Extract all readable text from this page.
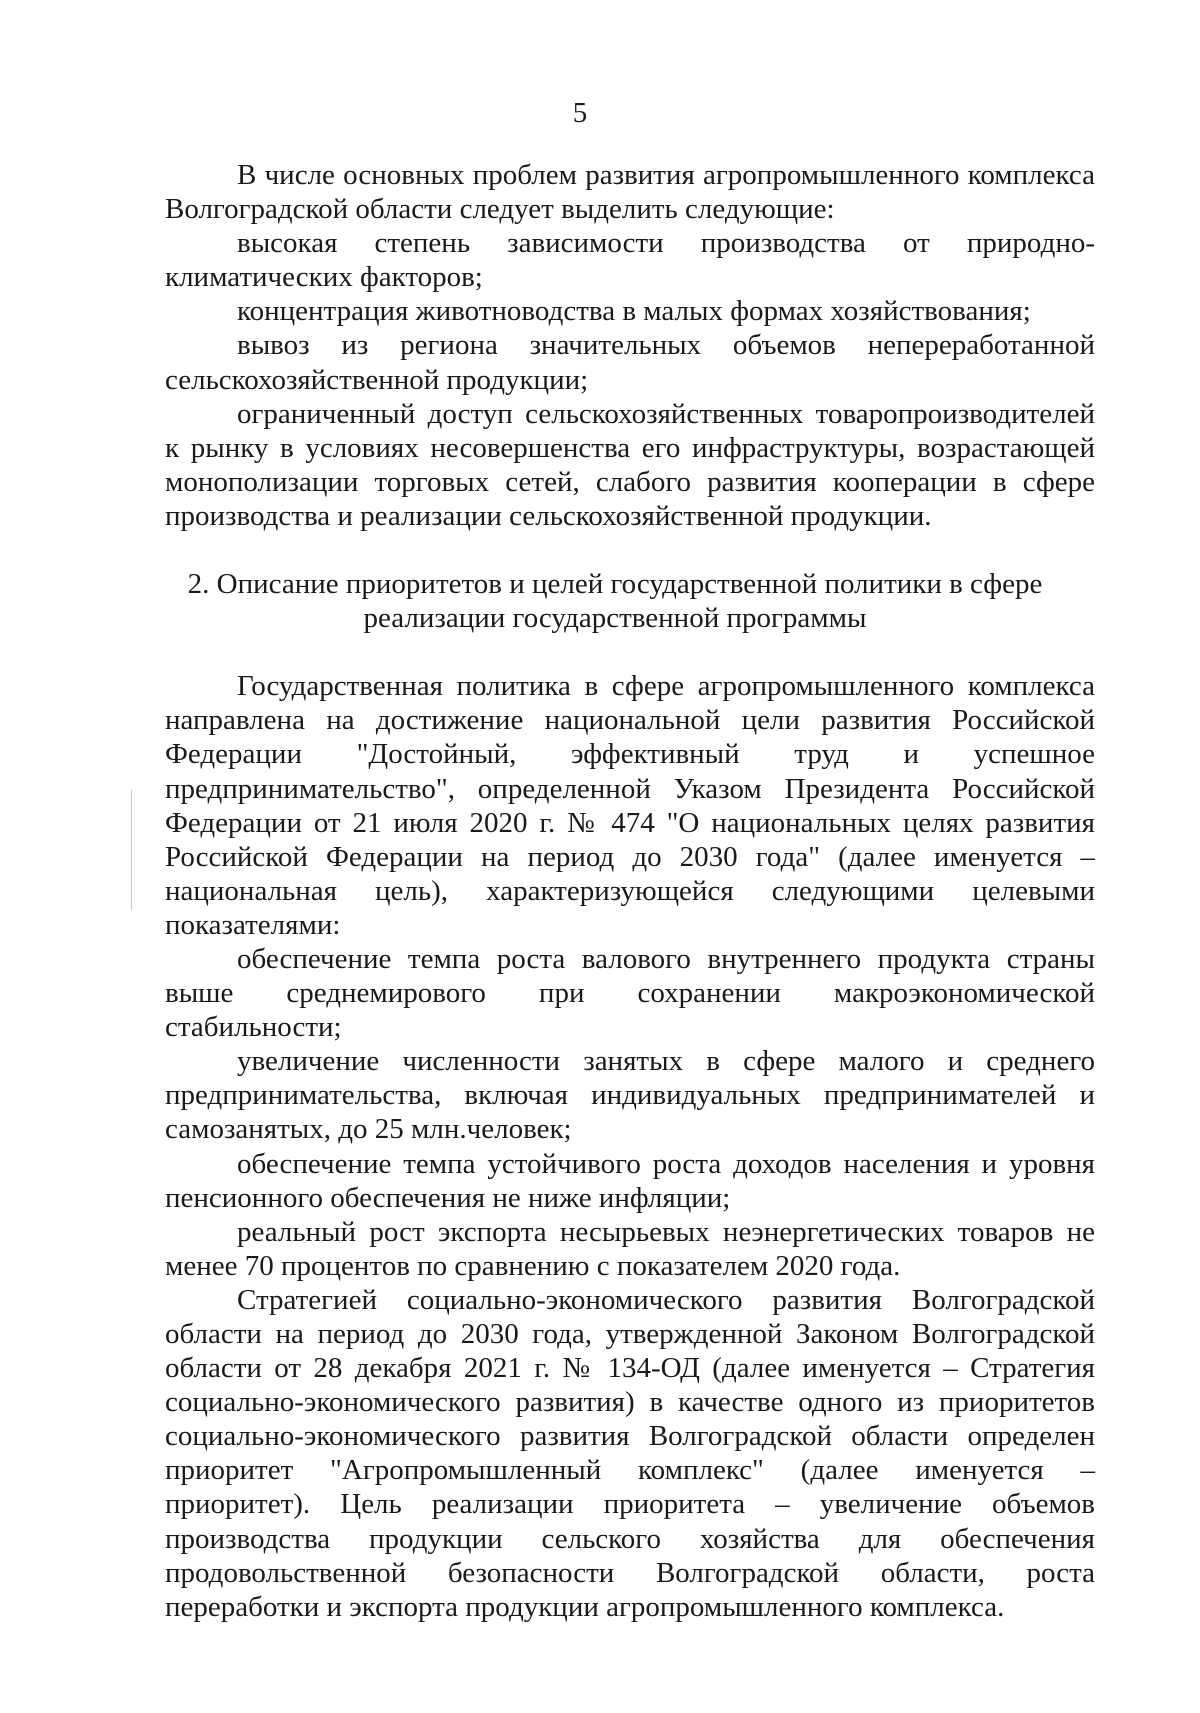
5

В числе основных проблем развития агропромышленного комплекса Волгоградской области следует выделить следующие:

высокая степень зависимости производства от природно-климатических факторов;

концентрация животноводства в малых формах хозяйствования;

вывоз из региона значительных объемов непереработанной сельскохозяйственной продукции;

ограниченный доступ сельскохозяйственных товаропроизводителей к рынку в условиях несовершенства его инфраструктуры, возрастающей монополизации торговых сетей, слабого развития кооперации в сфере производства и реализации сельскохозяйственной продукции.

2. Описание приоритетов и целей государственной политики в сфере
реализации государственной программы

Государственная политика в сфере агропромышленного комплекса направлена на достижение национальной цели развития Российской Федерации "Достойный, эффективный труд и успешное предпринимательство", определенной Указом Президента Российской Федерации от 21 июля 2020 г. № 474 "О национальных целях развития Российской Федерации на период до 2030 года" (далее именуется – национальная цель), характеризующейся следующими целевыми показателями:

обеспечение темпа роста валового внутреннего продукта страны выше среднемирового при сохранении макроэкономической стабильности;

увеличение численности занятых в сфере малого и среднего предпринимательства, включая индивидуальных предпринимателей и самозанятых, до 25 млн.человек;

обеспечение темпа устойчивого роста доходов населения и уровня пенсионного обеспечения не ниже инфляции;

реальный рост экспорта несырьевых неэнергетических товаров не менее 70 процентов по сравнению с показателем 2020 года.

Стратегией социально-экономического развития Волгоградской области на период до 2030 года, утвержденной Законом Волгоградской области от 28 декабря 2021 г. № 134-ОД (далее именуется – Стратегия социально-экономического развития) в качестве одного из приоритетов социально-экономического развития Волгоградской области определен приоритет "Агропромышленный комплекс" (далее именуется – приоритет). Цель реализации приоритета – увеличение объемов производства продукции сельского хозяйства для обеспечения продовольственной безопасности Волгоградской области, роста переработки и экспорта продукции агропромышленного комплекса.
